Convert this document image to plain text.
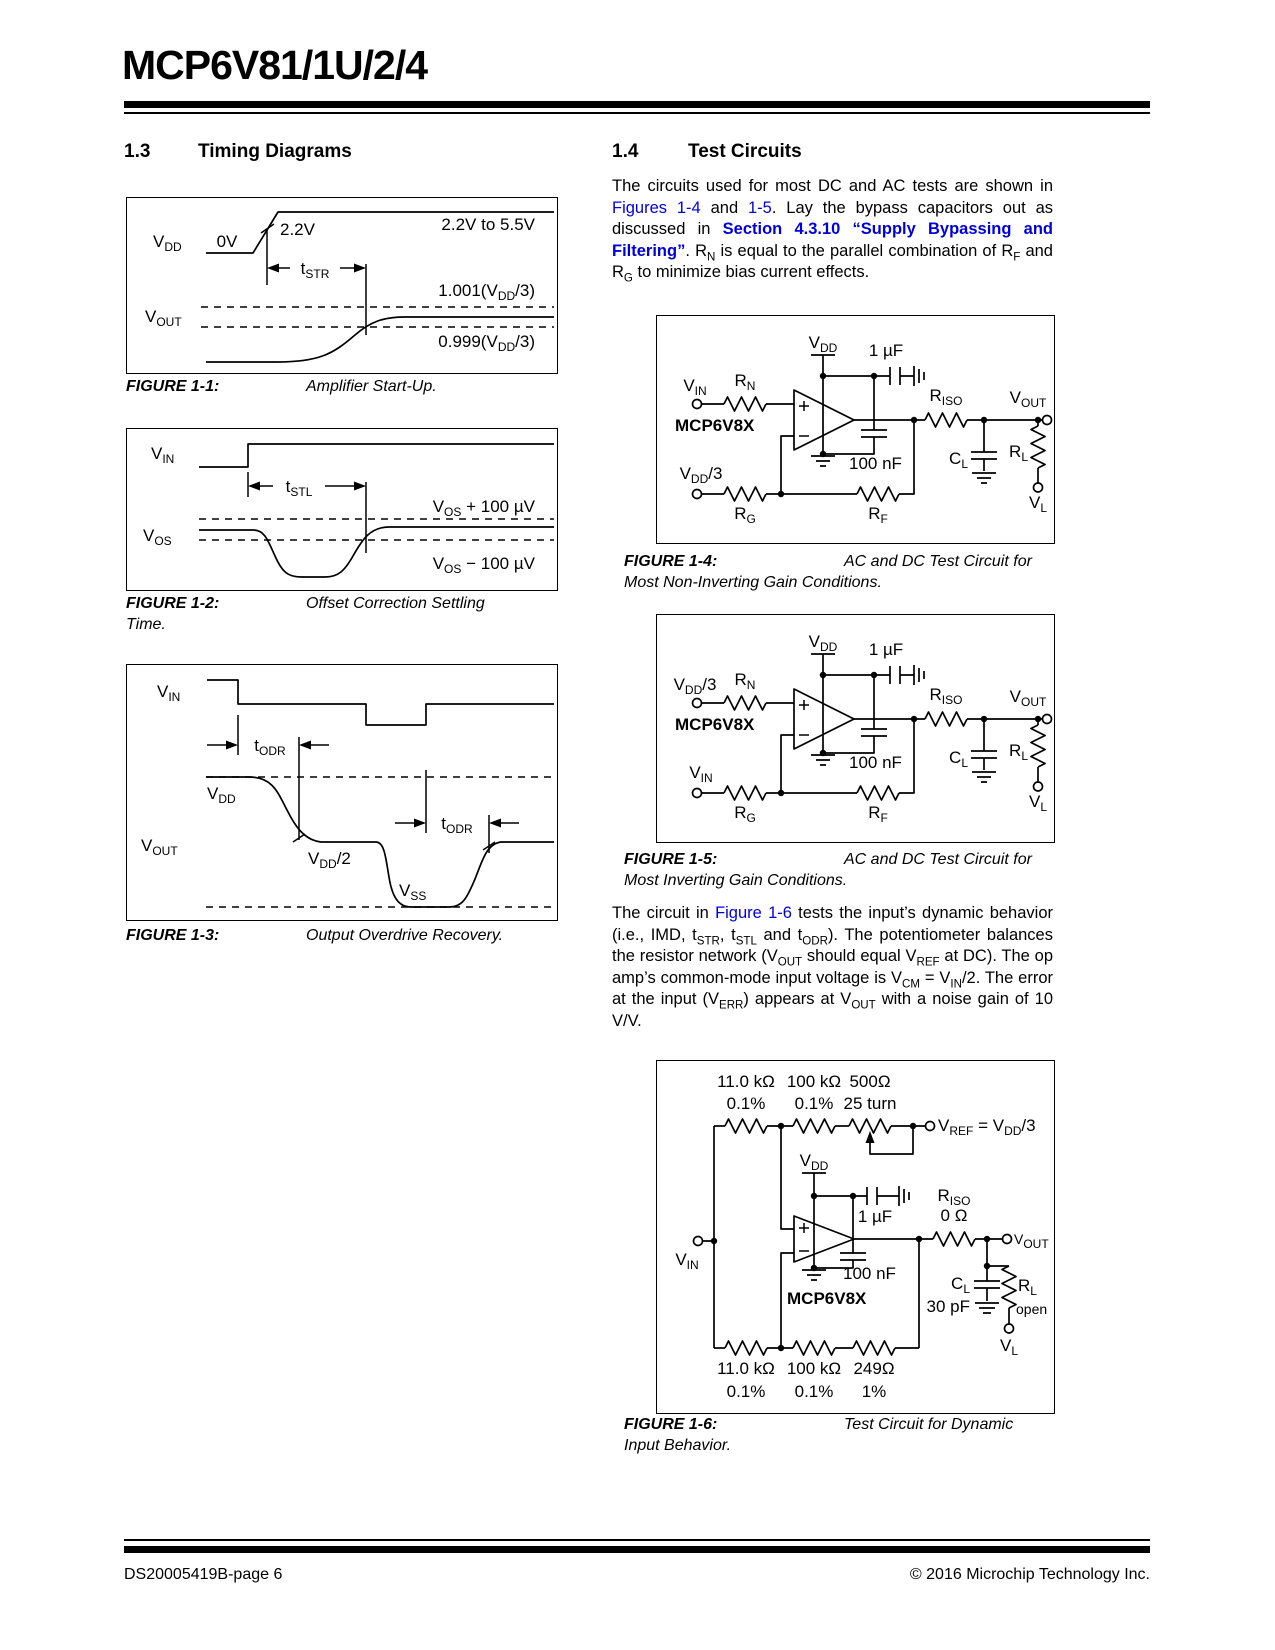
MCP6V81/1U/2/4
1.3	Timing Diagrams
$V_{DD}$ 0V
2.2V	2.2V to 5.5V
$t_{STR}$
$1.001(V_{DD}/3)$
$V_{OUT}$
$0.999(V_{DD}/3)$
FIGURE 1-1:	Amplifier Start-Up.
$V_{IN}$
$t_{STL}$
$V_{OS} + 100$ µV
$V_{OS}$
$V_{OS} - 100$ µV
FIGURE 1-2:	Offset Correction Settling Time.
$V_{IN}$
$t_{ODR}$
$V_{DD}$
$V_{OUT}$	$V_{DD}/2$
$V_{SS}$
$t_{ODR}$
FIGURE 1-3:	Output Overdrive Recovery.
1.4	Test Circuits
The circuits used for most DC and AC tests are shown in Figures 1-4 and 1-5. Lay the bypass capacitors out as discussed in Section 4.3.10 “Supply Bypassing and Filtering”. $R_N$ is equal to the parallel combination of $R_F$ and $R_G$ to minimize bias current effects.
$V_{DD}$ 1 µF
100 nF
$V_{IN}$
$R_N$
MCP6V8X
$V_{DD}/3$
$R_G$	$R_F$
$R_{ISO}$	$V_{OUT}$
$C_L$
$R_L$
$V_L$
FIGURE 1-4:	AC and DC Test Circuit for Most Non-Inverting Gain Conditions.
$V_{DD}$ 1 µF
100 nF
$V_{DD}/3$ $R_N$
MCP6V8X
$V_{IN}$
$R_G$	$R_F$
$R_{ISO}$	$V_{OUT}$
$C_L$
$R_L$
$V_L$
FIGURE 1-5:	AC and DC Test Circuit for Most Inverting Gain Conditions.
The circuit in Figure 1-6 tests the input’s dynamic behavior (i.e., IMD, $t_{STR}$, $t_{STL}$ and $t_{ODR}$). The potentiometer balances the resistor network ($V_{OUT}$ should equal $V_{REF}$ at DC). The op amp’s common-mode input voltage is $V_{CM} = V_{IN}/2$. The error at the input $(V_{ERR})$ appears at $V_{OUT}$ with a noise gain of 10 V/V.
11.0 kΩ
0.1%
100 kΩ
0.1%
500Ω
25 turn
$V_{REF} = V_{DD}/3$
$V_{IN}$
$V_{DD}$
1 µF
100 nF
MCP6V8X
$R_{ISO}$
0 Ω
VOUT
$C_L$
30 pF
$R_L$
open
$V_L$
11.0 kΩ
0.1%
100 kΩ
0.1%
249Ω
1%
FIGURE 1-6:	Test Circuit for Dynamic Input Behavior.
DS20005419B-page 6	© 2016 Microchip Technology Inc.
